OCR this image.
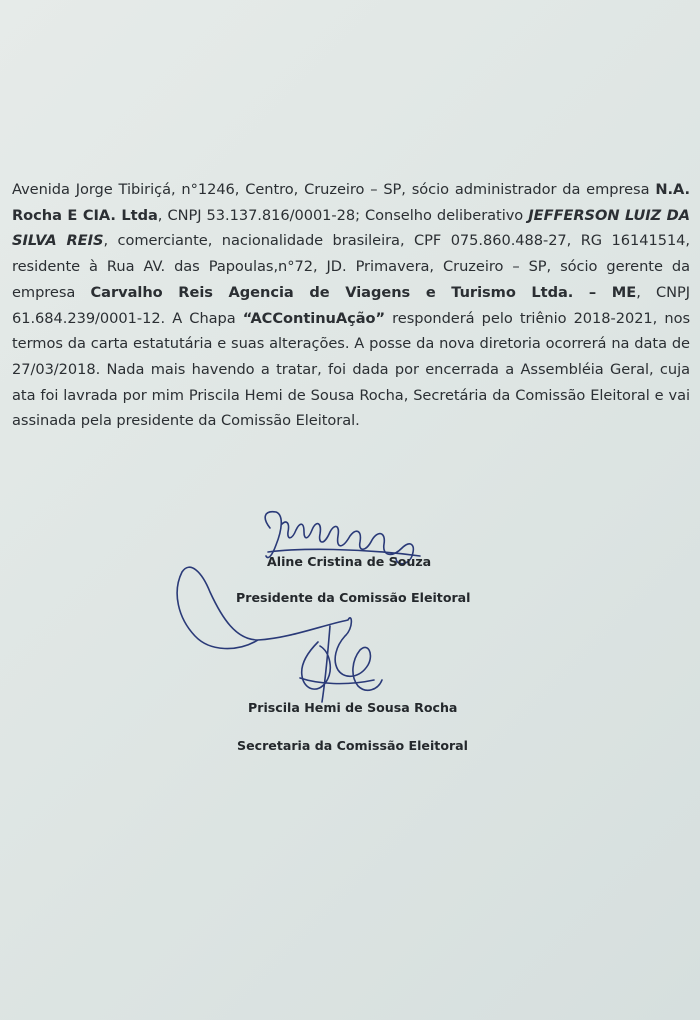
Avenida Jorge Tibiriçá, n°1246, Centro, Cruzeiro – SP, sócio administrador da empresa N.A. Rocha E CIA. Ltda, CNPJ 53.137.816/0001-28; Conselho deliberativo JEFFERSON LUIZ DA SILVA REIS, comerciante, nacionalidade brasileira, CPF 075.860.488-27, RG 16141514, residente à Rua AV. das Papoulas,n°72, JD. Primavera, Cruzeiro – SP, sócio gerente da empresa Carvalho Reis Agencia de Viagens e Turismo Ltda. – ME, CNPJ 61.684.239/0001-12. A Chapa “ACContinuAção” responderá pelo triênio 2018-2021, nos termos da carta estatutária e suas alterações. A posse da nova diretoria ocorrerá na data de 27/03/2018. Nada mais havendo a tratar, foi dada por encerrada a Assembléia Geral, cuja ata foi lavrada por mim Priscila Hemi de Sousa Rocha, Secretária da Comissão Eleitoral e vai assinada pela presidente da Comissão Eleitoral.

Aline Cristina de Souza
Presidente da Comissão Eleitoral
Priscila Hemi de Sousa Rocha
Secretaria da Comissão Eleitoral
